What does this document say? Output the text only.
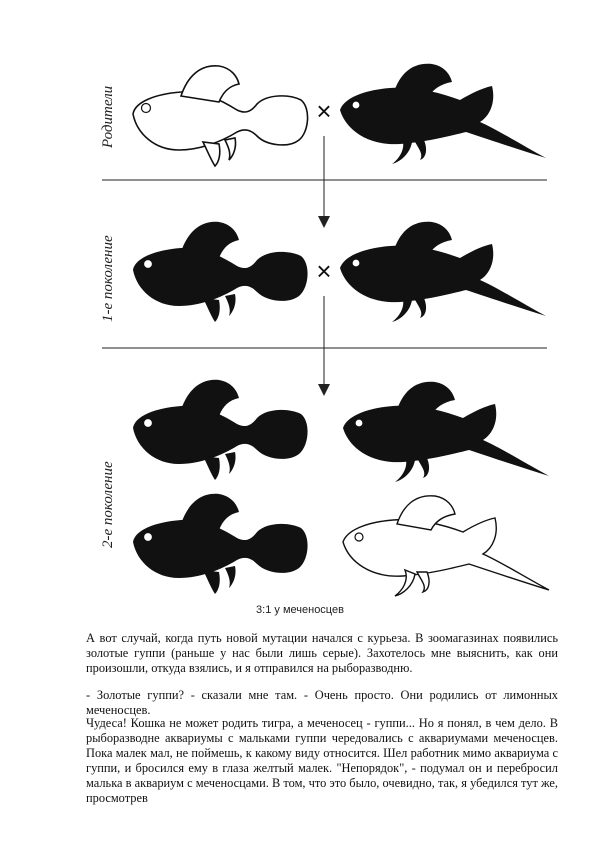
Родители	×
1-е поколение	×
2-е поколение
3:1 у меченосцев

А вот случай, когда путь новой мутации начался с курьеза. В зоомагазинах появились золотые гуппи (раньше у нас были лишь серые). Захотелось мне выяснить, как они произошли, откуда взялись, и я отправился на рыборазводню.

- Золотые гуппи? - сказали мне там. - Очень просто. Они родились от лимонных меченосцев.

Чудеса! Кошка не может родить тигра, а меченосец - гуппи... Но я понял, в чем дело. В рыборазводне аквариумы с мальками гуппи чередовались с аквариумами меченосцев. Пока малек мал, не поймешь, к какому виду относится. Шел работник мимо аквариума с гуппи, и бросился ему в глаза желтый малек. "Непорядок", - подумал он и перебросил малька в аквариум с меченосцами. В том, что это было, очевидно, так, я убедился тут же, просмотрев
